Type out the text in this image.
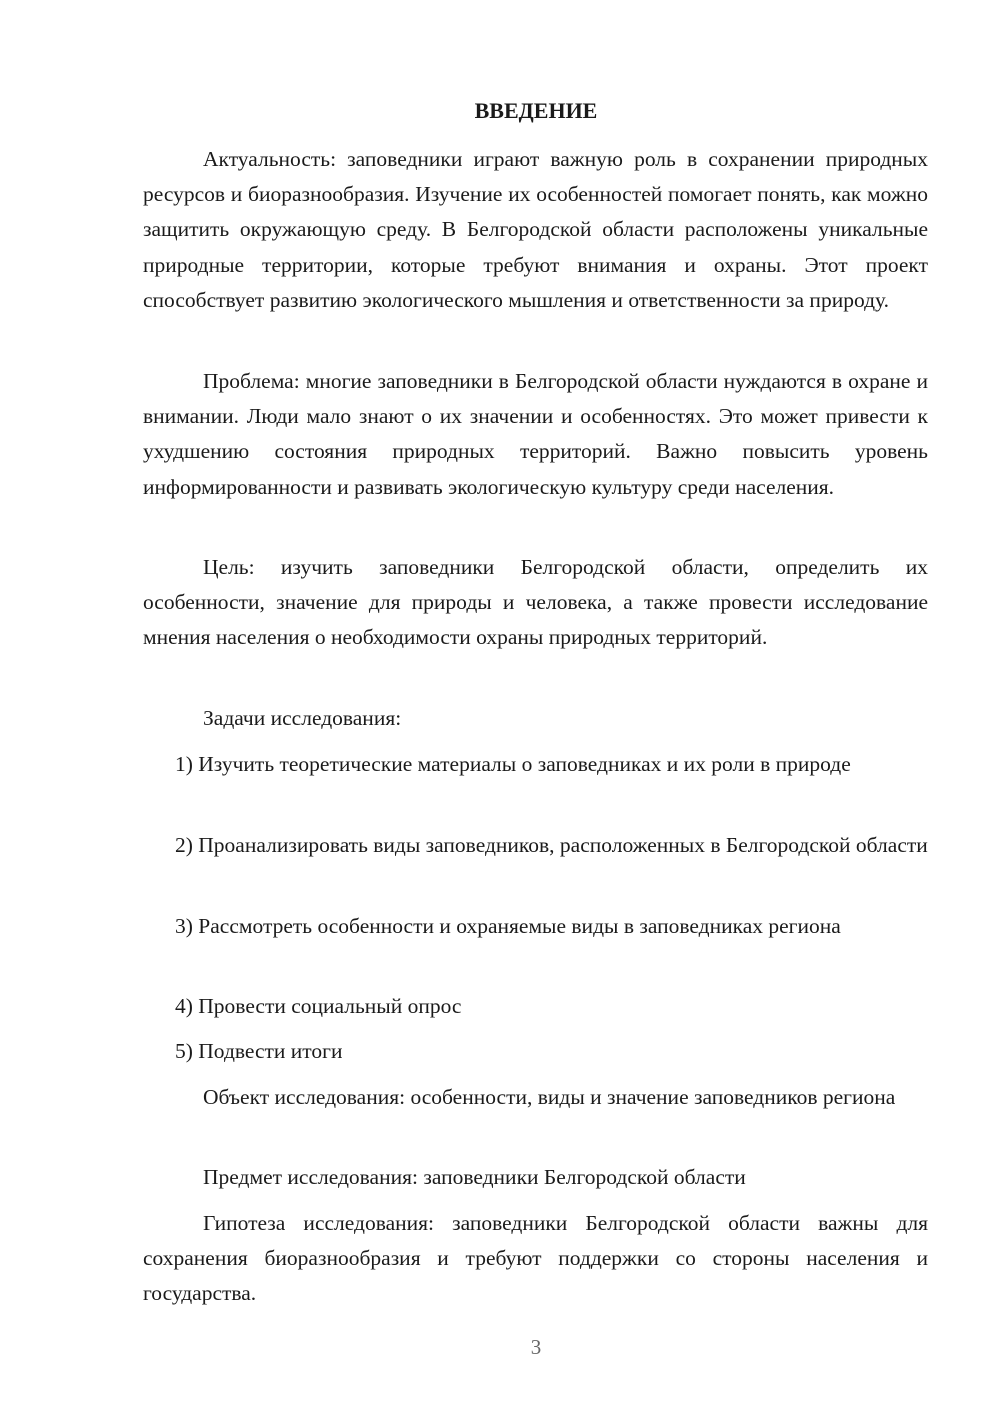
ВВЕДЕНИЕ

Актуальность: заповедники играют важную роль в сохранении природных ресурсов и биоразнообразия. Изучение их особенностей помогает понять, как можно защитить окружающую среду. В Белгородской области расположены уникальные природные территории, которые требуют внимания и охраны. Этот проект способствует развитию экологического мышления и ответственности за природу.

Проблема: многие заповедники в Белгородской области нуждаются в охране и внимании. Люди мало знают о их значении и особенностях. Это может привести к ухудшению состояния природных территорий. Важно повысить уровень информированности и развивать экологическую культуру среди населения.

Цель: изучить заповедники Белгородской области, определить их особенности, значение для природы и человека, а также провести исследование мнения населения о необходимости охраны природных территорий.

Задачи исследования:

1) Изучить теоретические материалы о заповедниках и их роли в природе

2) Проанализировать виды заповедников, расположенных в Белгородской области

3) Рассмотреть особенности и охраняемые виды в заповедниках региона

4) Провести социальный опрос

5) Подвести итоги

Объект исследования: особенности, виды и значение заповедников региона

Предмет исследования: заповедники Белгородской области

Гипотеза исследования: заповедники Белгородской области важны для сохранения биоразнообразия и требуют поддержки со стороны населения и государства.

3
